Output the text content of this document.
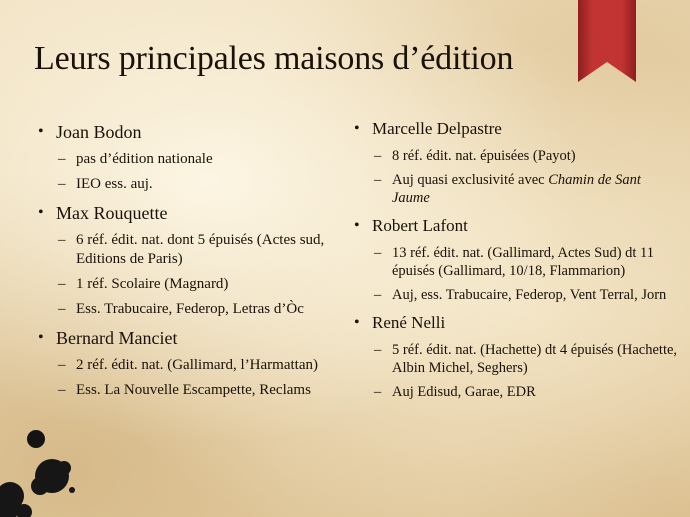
Leurs principales maisons d’édition
• Joan Bodon
– pas d’édition nationale
– IEO ess. auj.
• Max Rouquette
– 6 réf. édit. nat. dont 5 épuisés (Actes sud, Editions de Paris)
– 1 réf. Scolaire (Magnard)
– Ess. Trabucaire, Federop, Letras d’Òc
• Bernard Manciet
– 2 réf. édit. nat. (Gallimard, l’Harmattan)
– Ess. La Nouvelle Escampette, Reclams
• Marcelle Delpastre
– 8 réf. édit. nat. épuisées (Payot)
– Auj quasi exclusivité avec Chamin de Sant Jaume
• Robert Lafont
– 13 réf. édit. nat. (Gallimard, Actes Sud) dt 11 épuisés (Gallimard, 10/18, Flammarion)
– Auj, ess. Trabucaire, Federop, Vent Terral, Jorn
• René Nelli
– 5 réf. édit. nat. (Hachette) dt 4 épuisés (Hachette, Albin Michel, Seghers)
– Auj Edisud, Garae, EDR
